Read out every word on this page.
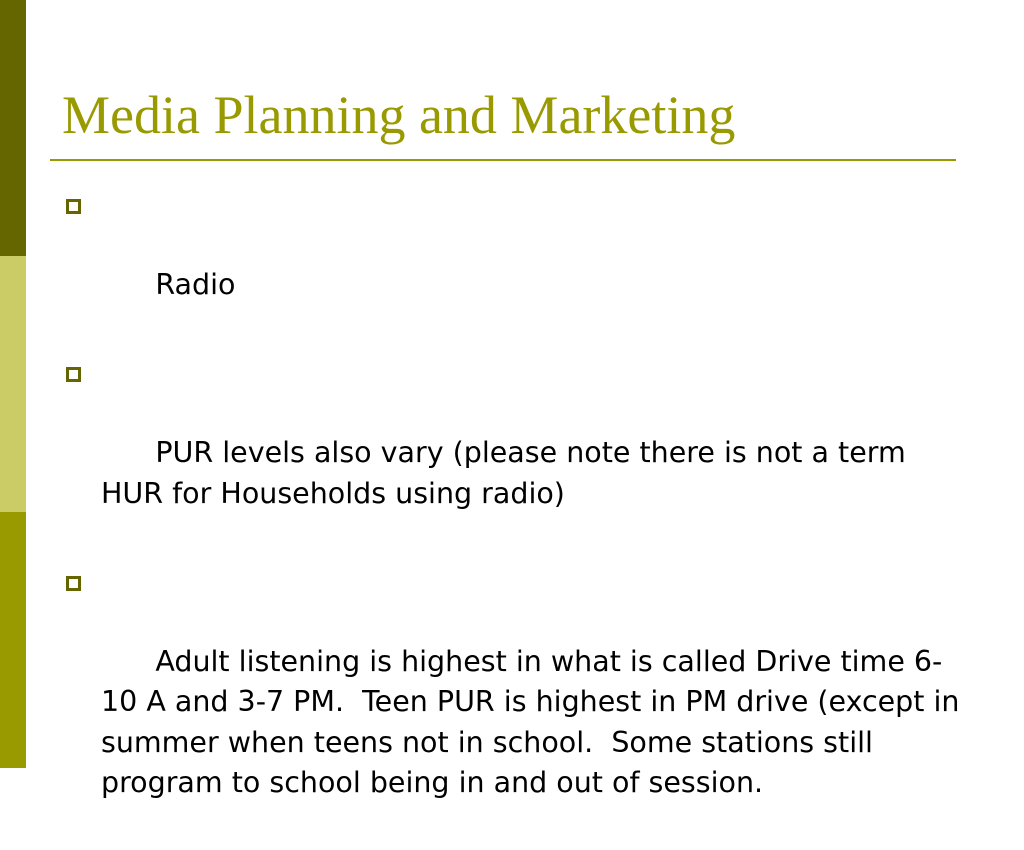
Media Planning and Marketing

Radio

PUR levels also vary (please note there is not a term HUR for Households using radio)

Adult listening is highest in what is called Drive time 6-10 A and 3-7 PM.  Teen PUR is highest in PM drive (except in summer when teens not in school.  Some stations still program to school being in and out of session.
